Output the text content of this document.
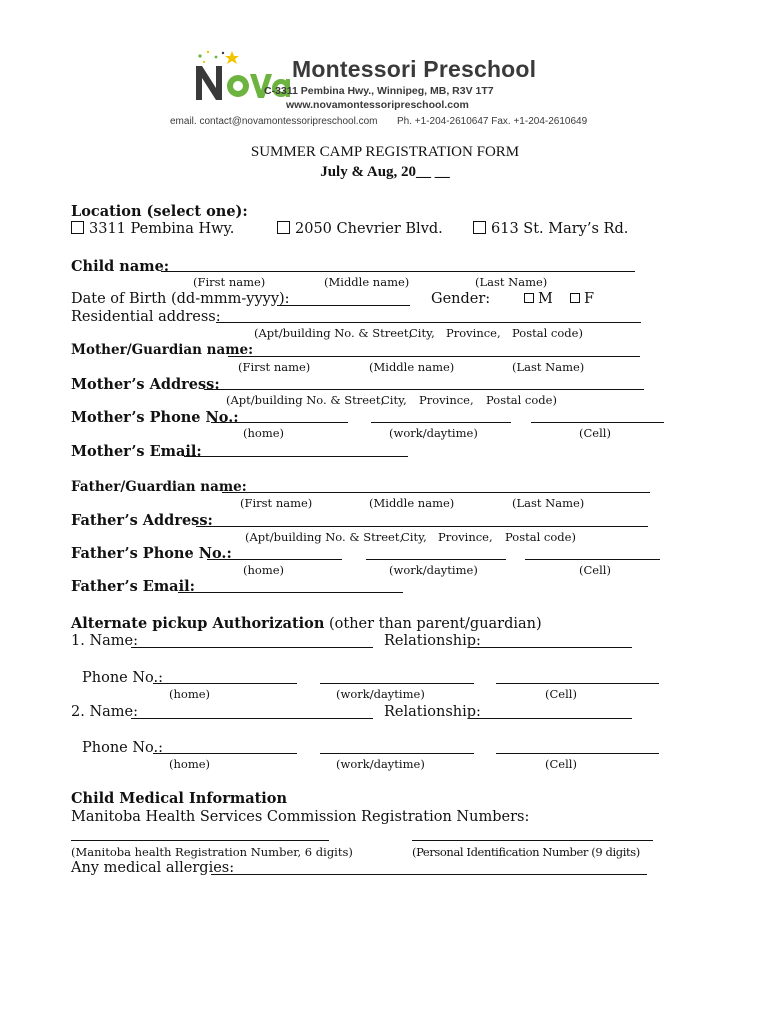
Montessori Preschool
C-3311 Pembina Hwy., Winnipeg, MB, R3V 1T7
www.novamontessoripreschool.com
email. contact@novamontessoripreschool.com Ph. +1-204-2610647 Fax. +1-204-2610649
SUMMER CAMP REGISTRATION FORM
July & Aug, 20__ __
Location (select one):
3311 Pembina Hwy.	2050 Chevrier Blvd.	613 St. Mary’s Rd.
Child name:
(First name)	(Middle name)	(Last Name)
Date of Birth (dd-mmm-yyyy):	Gender:	M	F
Residential address:
(Apt/building No. & Street,
City, Province, Postal code)
Mother/Guardian name:
(First name)	(Middle name)	(Last Name)
Mother’s Address:
(Apt/building No. & Street,
City, Province, Postal code)
Mother’s Phone No.:
(home)	(work/daytime)	(Cell)
Mother’s Email:
Father/Guardian name:
(First name)	(Middle name)	(Last Name)
Father’s Address:
(Apt/building No. & Street,
City, Province, Postal code)
Father’s Phone No.:
(home)	(work/daytime)	(Cell)
Father’s Email:
Alternate pickup Authorization (other than parent/guardian)
1. Name:	Relationship:
Phone No.:
(home)	(work/daytime)	(Cell)
2. Name:	Relationship:
Phone No.:
(home)	(work/daytime)	(Cell)
Child Medical Information
Manitoba Health Services Commission Registration Numbers:
(Manitoba health Registration Number, 6 digits)	(Personal Identification Number (9 digits)
Any medical allergies:
